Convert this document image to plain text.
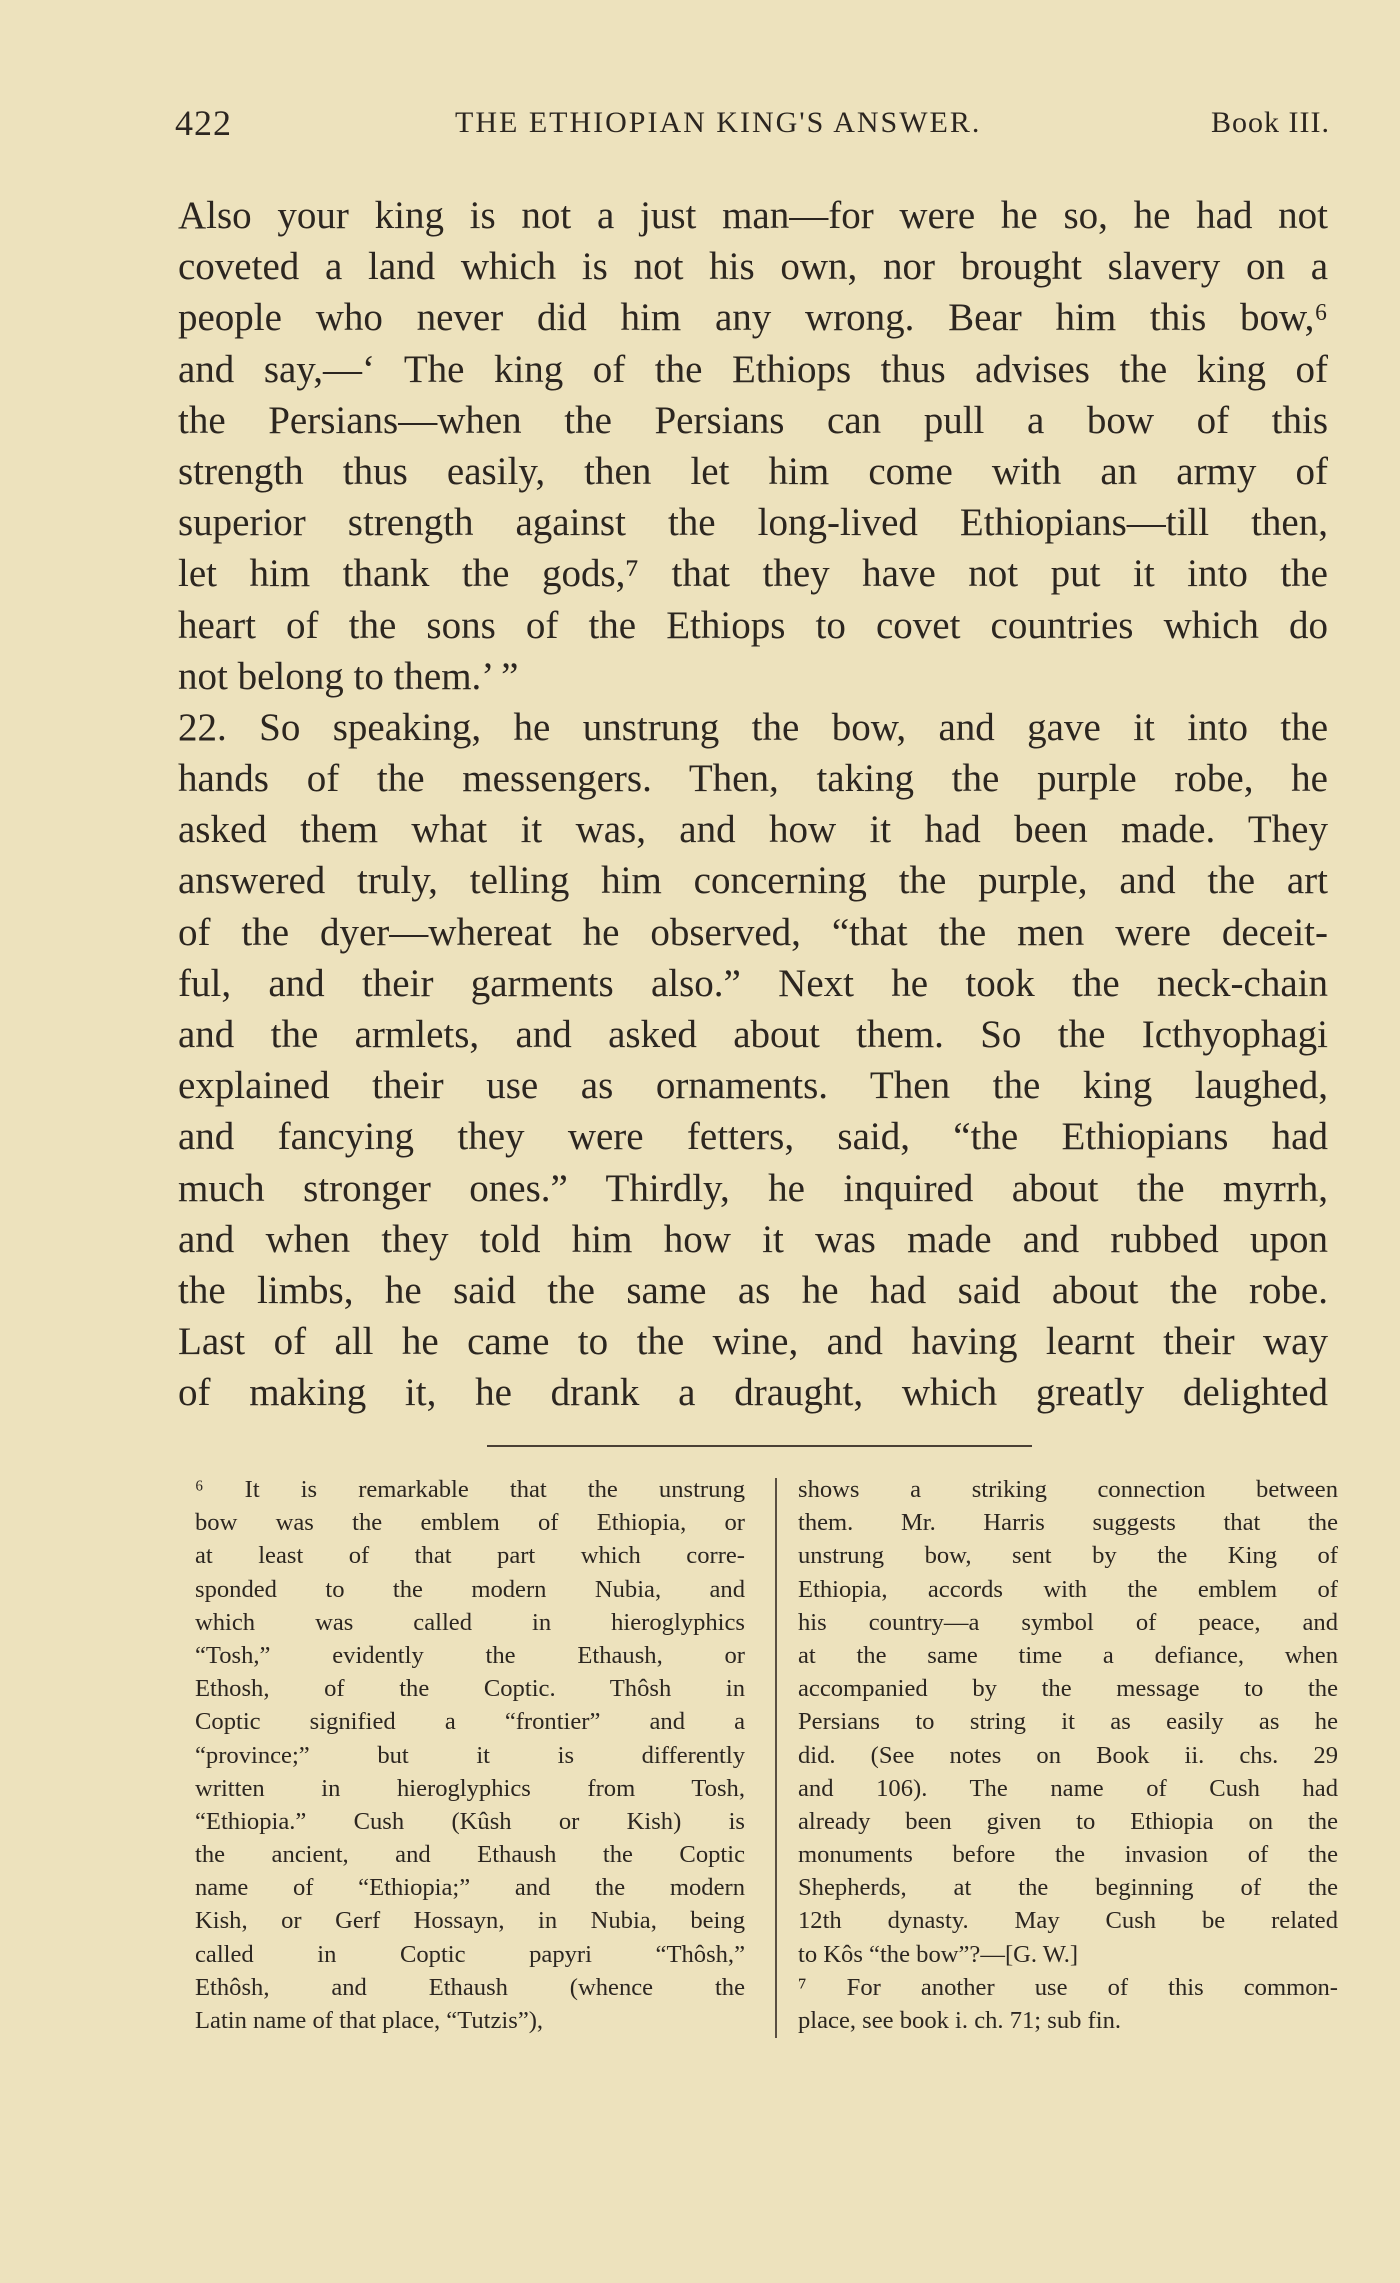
422	THE ETHIOPIAN KING'S ANSWER.	Book III.
Also your king is not a just man—for were he so, he had not
coveted a land which is not his own, nor brought slavery on a
people who never did him any wrong. Bear him this bow,⁶
and say,—‘ The king of the Ethiops thus advises the king of
the Persians—when the Persians can pull a bow of this
strength thus easily, then let him come with an army of
superior strength against the long-lived Ethiopians—till then,
let him thank the gods,⁷ that they have not put it into the
heart of the sons of the Ethiops to covet countries which do
not belong to them.’ ”
22. So speaking, he unstrung the bow, and gave it into the
hands of the messengers. Then, taking the purple robe, he
asked them what it was, and how it had been made. They
answered truly, telling him concerning the purple, and the art
of the dyer—whereat he observed, “that the men were deceit-
ful, and their garments also.” Next he took the neck-chain
and the armlets, and asked about them. So the Icthyophagi
explained their use as ornaments. Then the king laughed,
and fancying they were fetters, said, “the Ethiopians had
much stronger ones.” Thirdly, he inquired about the myrrh,
and when they told him how it was made and rubbed upon
the limbs, he said the same as he had said about the robe.
Last of all he came to the wine, and having learnt their way
of making it, he drank a draught, which greatly delighted
⁶ It is remarkable that the unstrung
bow was the emblem of Ethiopia, or
at least of that part which corre-
sponded to the modern Nubia, and
which was called in hieroglyphics
“Tosh,” evidently the Ethaush, or
Ethosh, of the Coptic. Thôsh in
Coptic signified a “frontier” and a
“province;” but it is differently
written in hieroglyphics from Tosh,
“Ethiopia.” Cush (Kûsh or Kish) is
the ancient, and Ethaush the Coptic
name of “Ethiopia;” and the modern
Kish, or Gerf Hossayn, in Nubia, being
called in Coptic papyri “Thôsh,”
Ethôsh, and Ethaush (whence the
Latin name of that place, “Tutzis”),
shows a striking connection between
them. Mr. Harris suggests that the
unstrung bow, sent by the King of
Ethiopia, accords with the emblem of
his country—a symbol of peace, and
at the same time a defiance, when
accompanied by the message to the
Persians to string it as easily as he
did. (See notes on Book ii. chs. 29
and 106). The name of Cush had
already been given to Ethiopia on the
monuments before the invasion of the
Shepherds, at the beginning of the
12th dynasty. May Cush be related
to Kôs “the bow”?—[G. W.]
⁷ For another use of this common-
place, see book i. ch. 71; sub fin.
